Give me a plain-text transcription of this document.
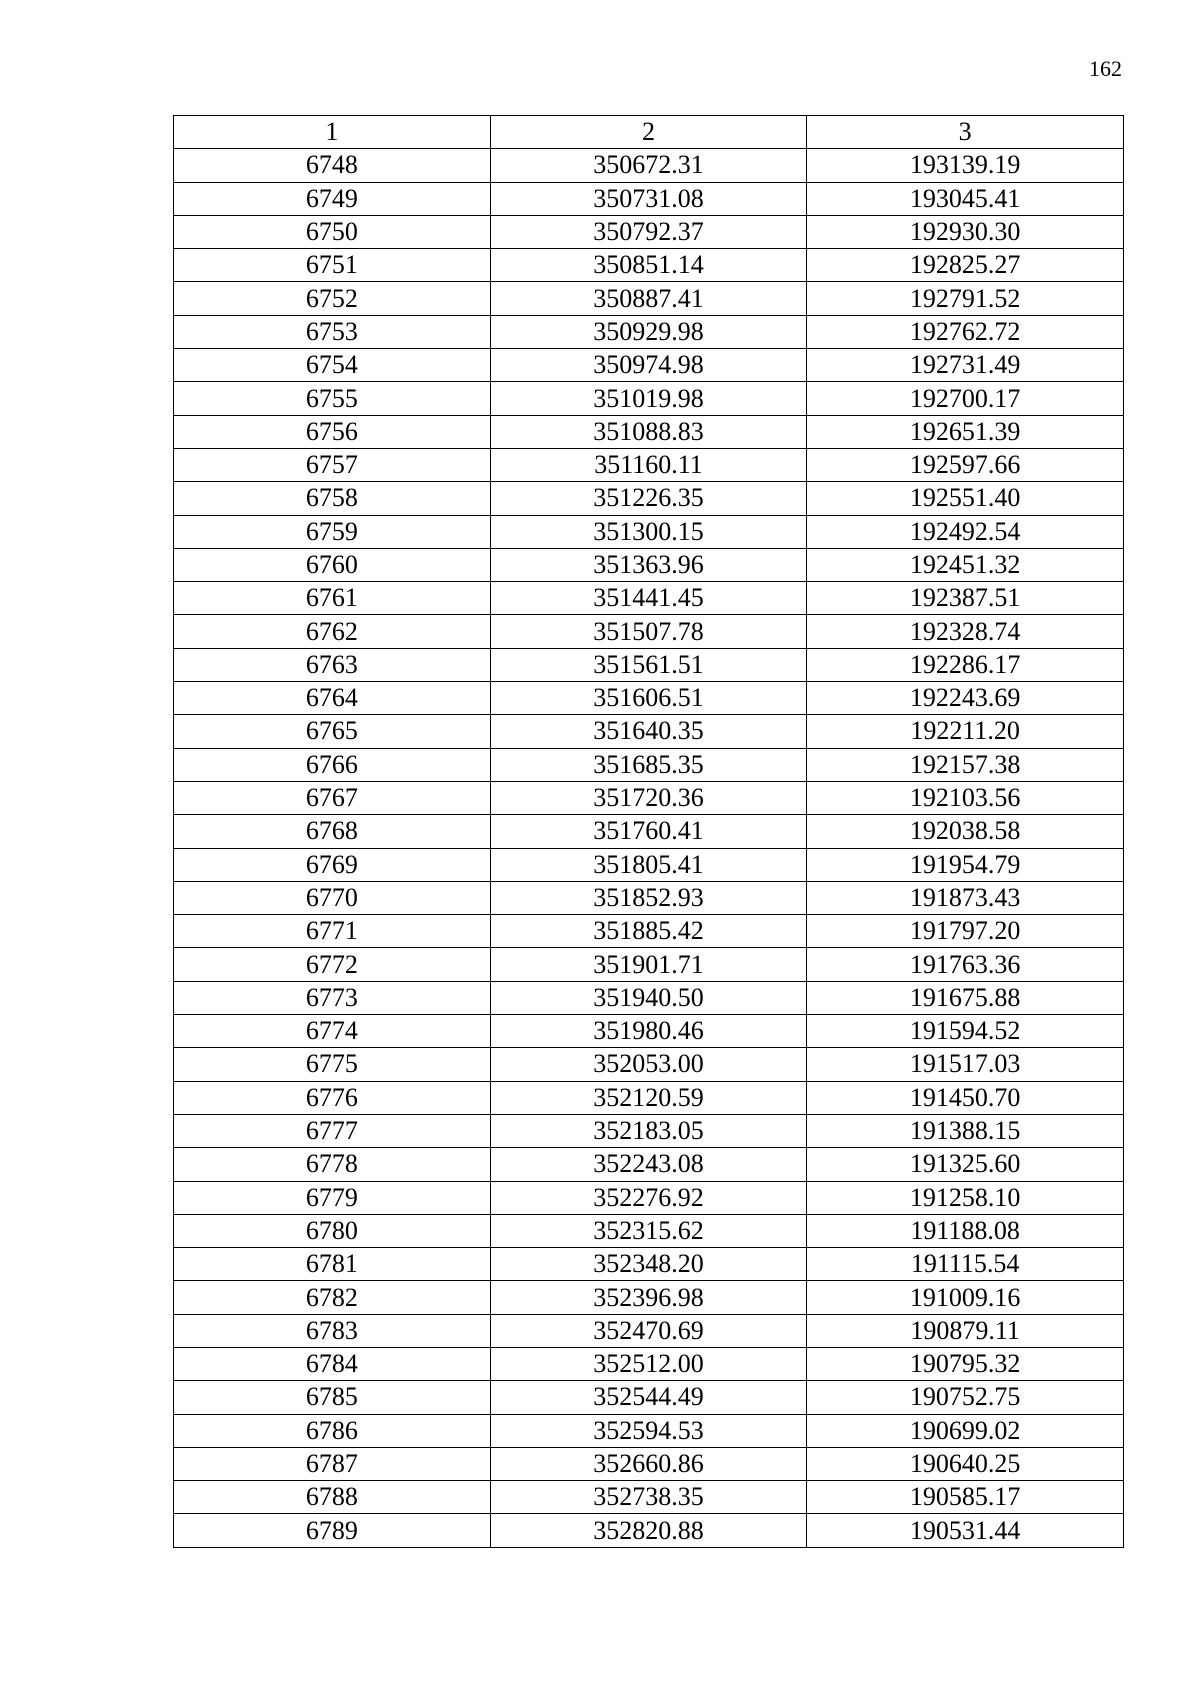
162
1	2	3
6748	350672.31	193139.19
6749	350731.08	193045.41
6750	350792.37	192930.30
6751	350851.14	192825.27
6752	350887.41	192791.52
6753	350929.98	192762.72
6754	350974.98	192731.49
6755	351019.98	192700.17
6756	351088.83	192651.39
6757	351160.11	192597.66
6758	351226.35	192551.40
6759	351300.15	192492.54
6760	351363.96	192451.32
6761	351441.45	192387.51
6762	351507.78	192328.74
6763	351561.51	192286.17
6764	351606.51	192243.69
6765	351640.35	192211.20
6766	351685.35	192157.38
6767	351720.36	192103.56
6768	351760.41	192038.58
6769	351805.41	191954.79
6770	351852.93	191873.43
6771	351885.42	191797.20
6772	351901.71	191763.36
6773	351940.50	191675.88
6774	351980.46	191594.52
6775	352053.00	191517.03
6776	352120.59	191450.70
6777	352183.05	191388.15
6778	352243.08	191325.60
6779	352276.92	191258.10
6780	352315.62	191188.08
6781	352348.20	191115.54
6782	352396.98	191009.16
6783	352470.69	190879.11
6784	352512.00	190795.32
6785	352544.49	190752.75
6786	352594.53	190699.02
6787	352660.86	190640.25
6788	352738.35	190585.17
6789	352820.88	190531.44
